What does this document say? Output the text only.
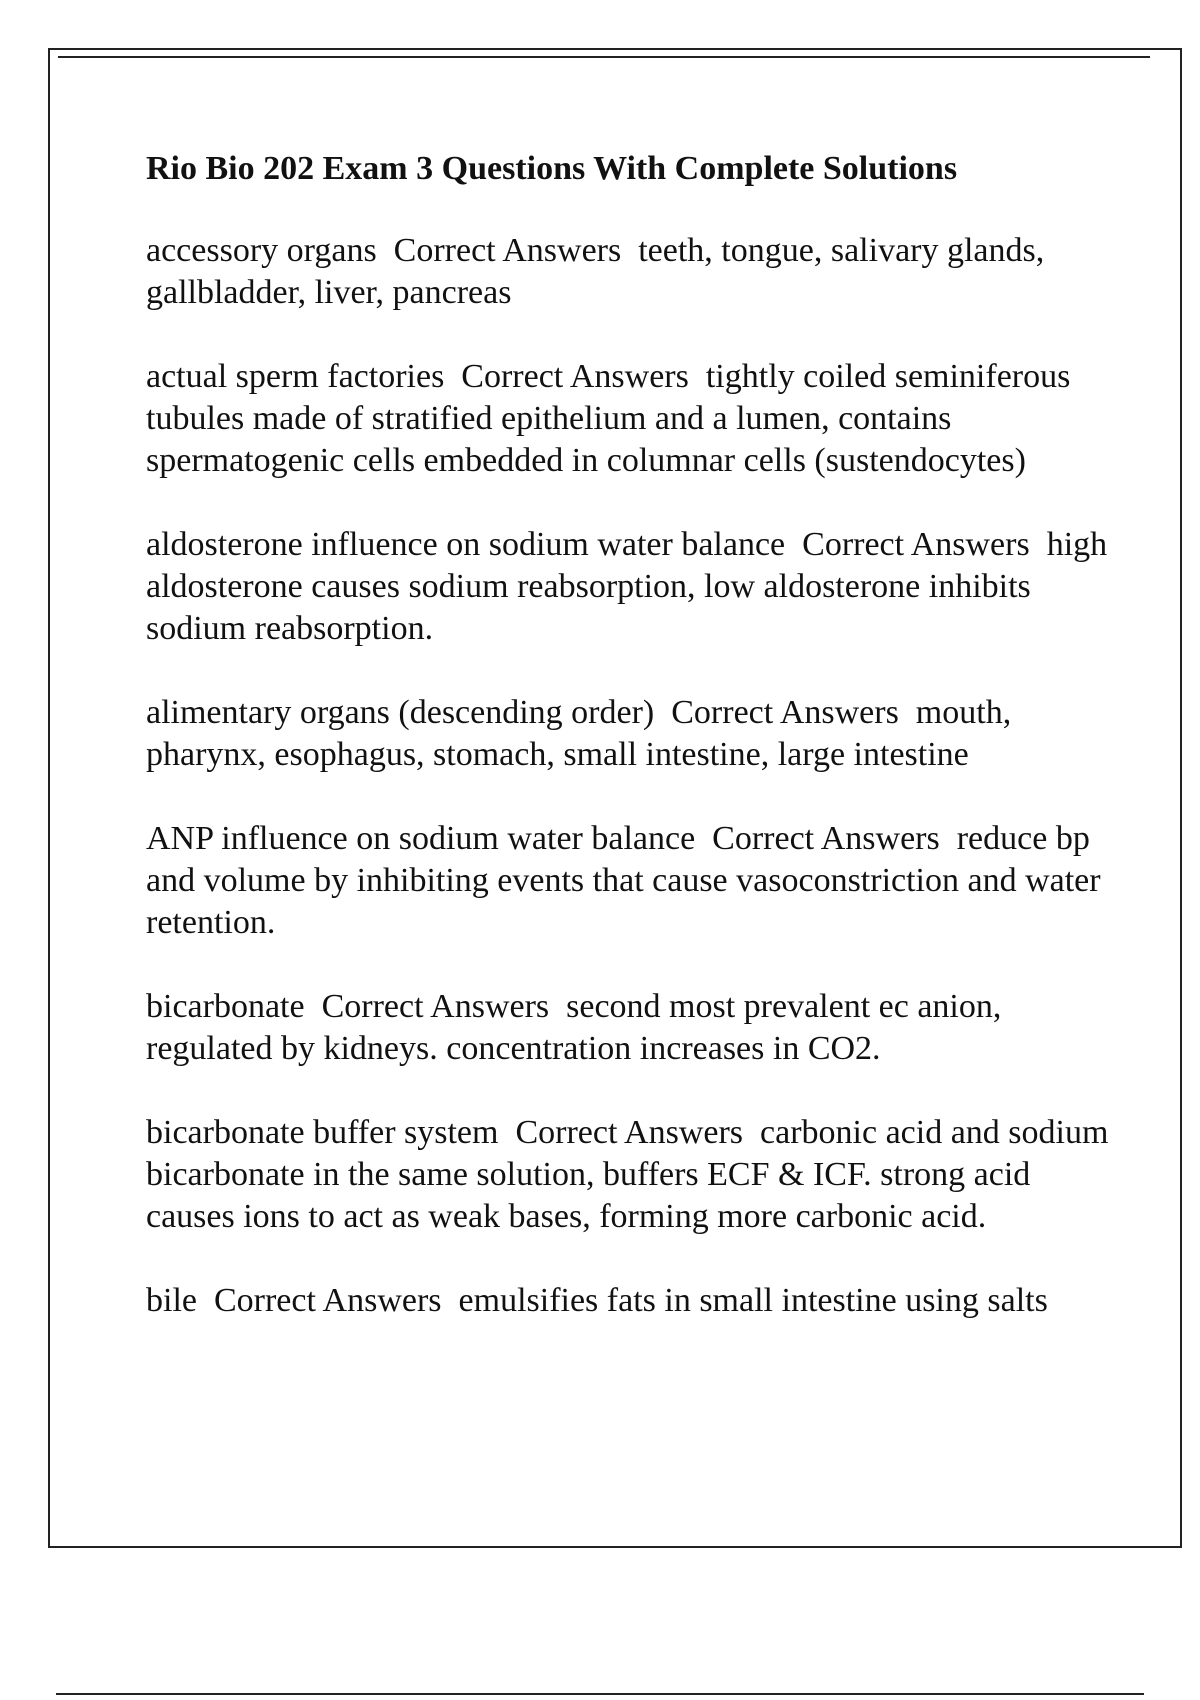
Rio Bio 202 Exam 3 Questions With Complete Solutions
accessory organs  Correct Answers  teeth, tongue, salivary glands, gallbladder, liver, pancreas
actual sperm factories  Correct Answers  tightly coiled seminiferous tubules made of stratified epithelium and a lumen, contains spermatogenic cells embedded in columnar cells (sustendocytes)
aldosterone influence on sodium water balance  Correct Answers  high aldosterone causes sodium reabsorption, low aldosterone inhibits sodium reabsorption.
alimentary organs (descending order)  Correct Answers  mouth, pharynx, esophagus, stomach, small intestine, large intestine
ANP influence on sodium water balance  Correct Answers  reduce bp and volume by inhibiting events that cause vasoconstriction and water retention.
bicarbonate  Correct Answers  second most prevalent ec anion, regulated by kidneys. concentration increases in CO2.
bicarbonate buffer system  Correct Answers  carbonic acid and sodium bicarbonate in the same solution, buffers ECF & ICF. strong acid causes ions to act as weak bases, forming more carbonic acid.
bile  Correct Answers  emulsifies fats in small intestine using salts
